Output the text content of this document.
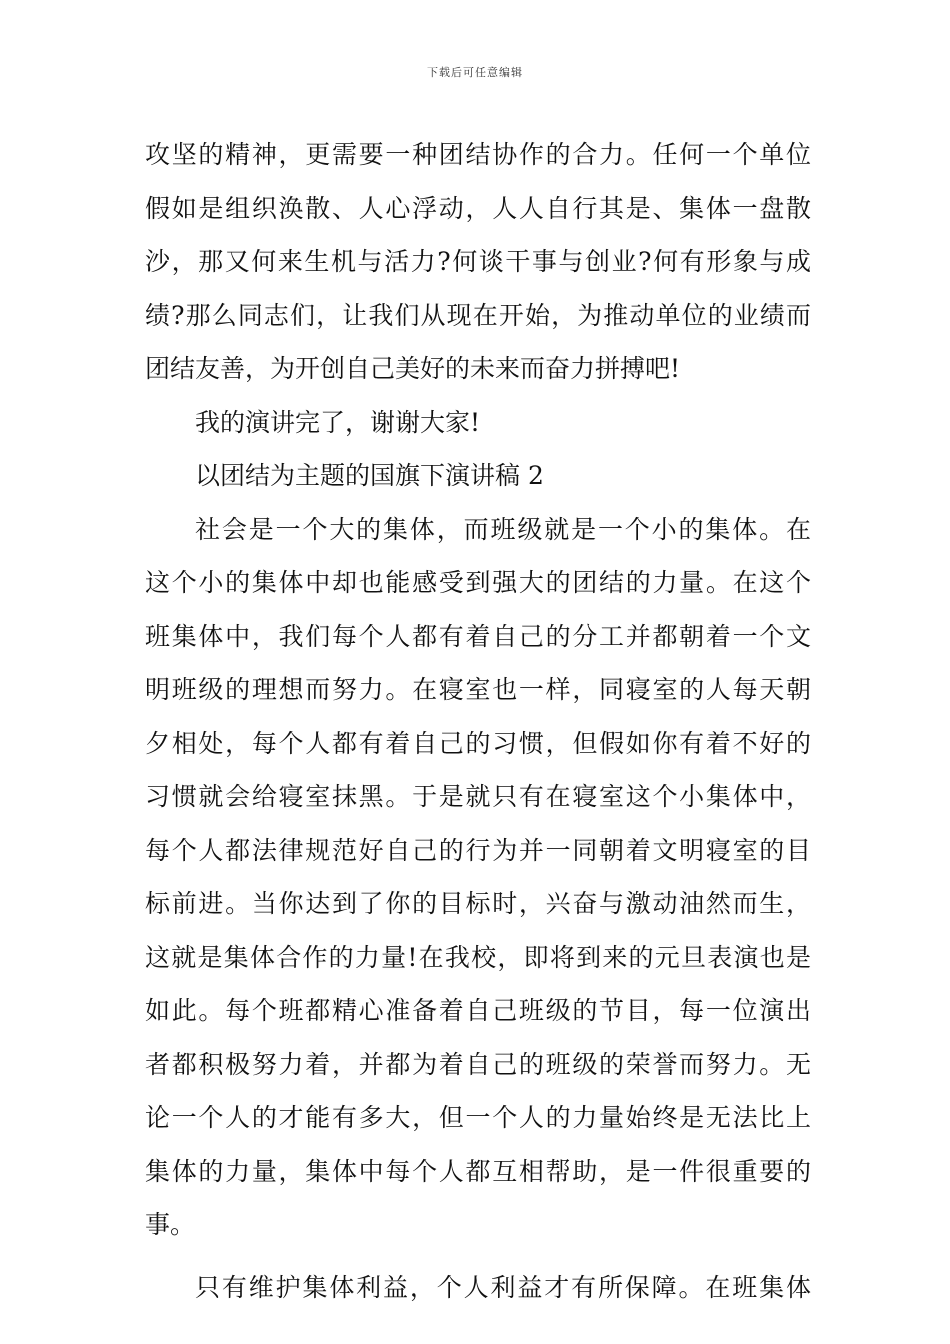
下载后可任意编辑
攻坚的精神，更需要一种团结协作的合力。任何一个单位
假如是组织涣散、人心浮动，人人自行其是、集体一盘散
沙，那又何来生机与活力?何谈干事与创业?何有形象与成
绩?那么同志们，让我们从现在开始，为推动单位的业绩而
团结友善，为开创自己美好的未来而奋力拼搏吧!
我的演讲完了，谢谢大家!
以团结为主题的国旗下演讲稿 2
社会是一个大的集体，而班级就是一个小的集体。在
这个小的集体中却也能感受到强大的团结的力量。在这个
班集体中，我们每个人都有着自己的分工并都朝着一个文
明班级的理想而努力。在寝室也一样，同寝室的人每天朝
夕相处，每个人都有着自己的习惯，但假如你有着不好的
习惯就会给寝室抹黑。于是就只有在寝室这个小集体中，
每个人都法律规范好自己的行为并一同朝着文明寝室的目
标前进。当你达到了你的目标时，兴奋与激动油然而生，
这就是集体合作的力量!在我校，即将到来的元旦表演也是
如此。每个班都精心准备着自己班级的节目，每一位演出
者都积极努力着，并都为着自己的班级的荣誉而努力。无
论一个人的才能有多大，但一个人的力量始终是无法比上
集体的力量，集体中每个人都互相帮助，是一件很重要的
事。
只有维护集体利益，个人利益才有所保障。在班集体
